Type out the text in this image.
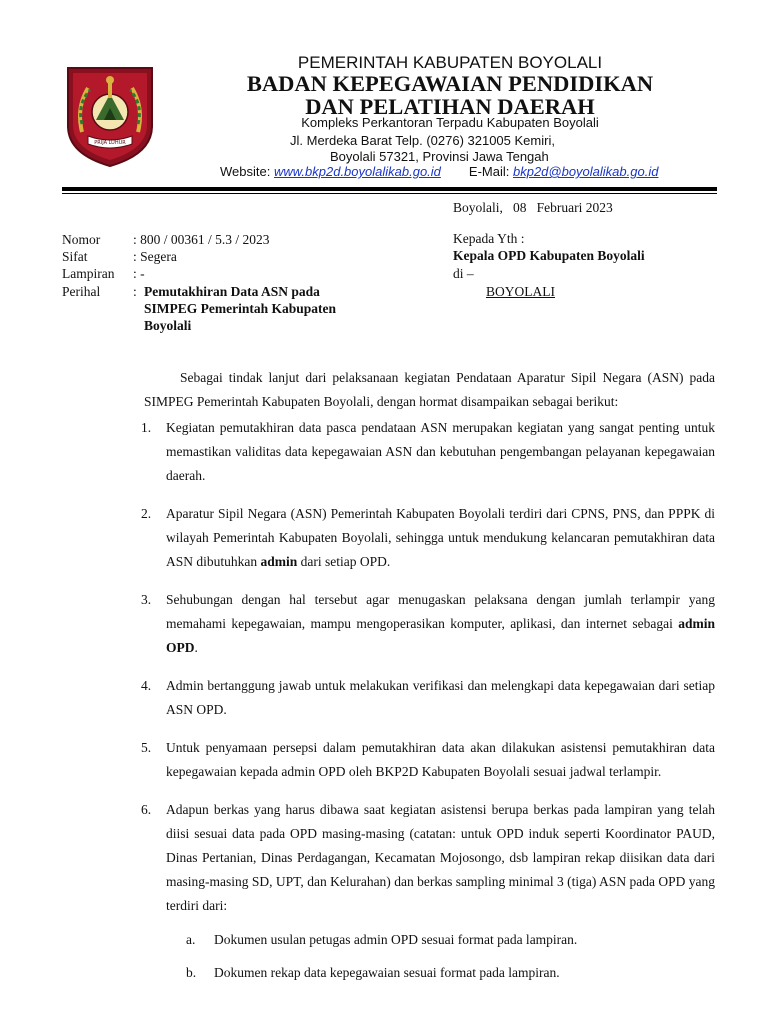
PRIJA LUHUR
PEMERINTAH KABUPATEN BOYOLALI
BADAN KEPEGAWAIAN PENDIDIKAN
DAN PELATIHAN DAERAH
Kompleks Perkantoran Terpadu Kabupaten Boyolali
Jl. Merdeka Barat Telp. (0276) 321005 Kemiri,
Boyolali 57321, Provinsi Jawa Tengah
Website: www.bkp2d.boyolalikab.go.id E-Mail: bkp2d@boyolalikab.go.id
Boyolali,   08   Februari 2023
Nomor : 800 / 00361 / 5.3 / 2023
Sifat	: Segera
Lampiran : -
Perihal : Pemutakhiran Data ASN pada
SIMPEG Pemerintah Kabupaten
Boyolali
Kepada Yth :
Kepala OPD Kabupaten Boyolali
di –
BOYOLALI

Sebagai tindak lanjut dari pelaksanaan kegiatan Pendataan Aparatur Sipil Negara (ASN) pada SIMPEG Pemerintah Kabupaten Boyolali, dengan hormat disampaikan sebagai berikut:

1. Kegiatan pemutakhiran data pasca pendataan ASN merupakan kegiatan yang sangat penting untuk memastikan validitas data kepegawaian ASN dan kebutuhan pengembangan pelayanan kepegawaian daerah.
2. Aparatur Sipil Negara (ASN) Pemerintah Kabupaten Boyolali terdiri dari CPNS, PNS, dan PPPK di wilayah Pemerintah Kabupaten Boyolali, sehingga untuk mendukung kelancaran pemutakhiran data ASN dibutuhkan admin dari setiap OPD.
3. Sehubungan dengan hal tersebut agar menugaskan pelaksana dengan jumlah terlampir yang memahami kepegawaian, mampu mengoperasikan komputer, aplikasi, dan internet sebagai admin OPD.
4. Admin bertanggung jawab untuk melakukan verifikasi dan melengkapi data kepegawaian dari setiap ASN OPD.
5. Untuk penyamaan persepsi dalam pemutakhiran data akan dilakukan asistensi pemutakhiran data kepegawaian kepada admin OPD oleh BKP2D Kabupaten Boyolali sesuai jadwal terlampir.
6. Adapun berkas yang harus dibawa saat kegiatan asistensi berupa berkas pada lampiran yang telah diisi sesuai data pada OPD masing-masing (catatan: untuk OPD induk seperti Koordinator PAUD, Dinas Pertanian, Dinas Perdagangan, Kecamatan Mojosongo, dsb lampiran rekap diisikan data dari masing-masing SD, UPT, dan Kelurahan) dan berkas sampling minimal 3 (tiga) ASN pada OPD yang terdiri dari:
a. Dokumen usulan petugas admin OPD sesuai format pada lampiran.
b. Dokumen rekap data kepegawaian sesuai format pada lampiran.
